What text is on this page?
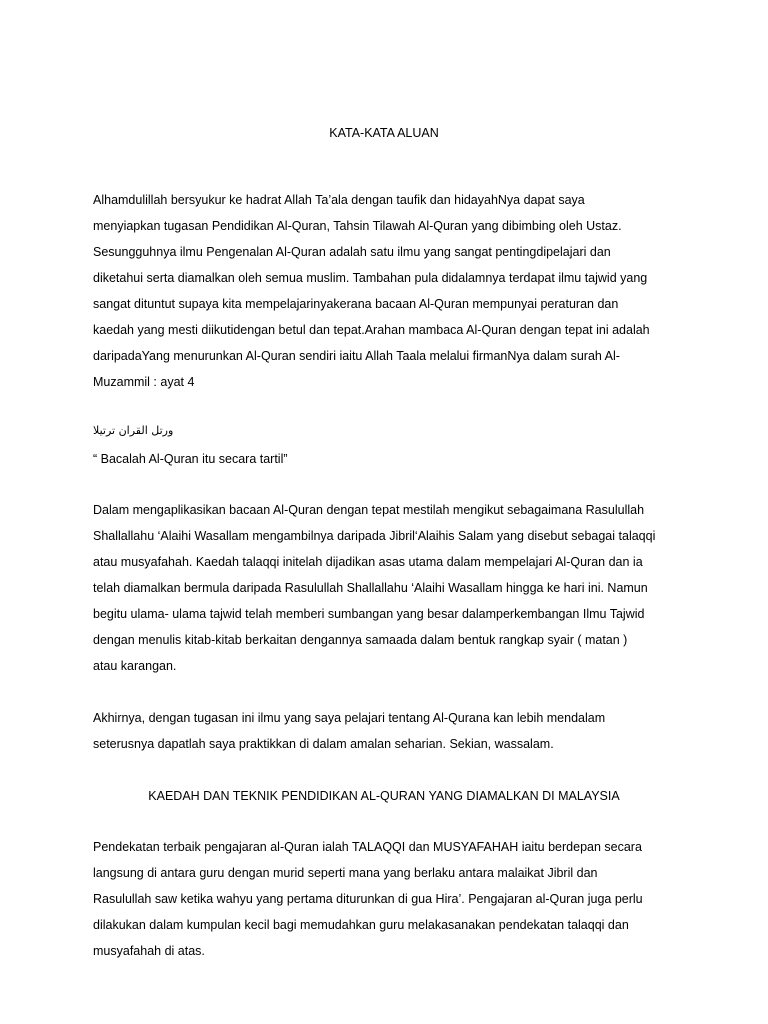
KATA-KATA ALUAN
Alhamdulillah bersyukur ke hadrat Allah Ta’ala dengan taufik dan hidayahNya dapat saya
menyiapkan tugasan Pendidikan Al-Quran, Tahsin Tilawah Al-Quran yang dibimbing oleh Ustaz.
Sesungguhnya ilmu Pengenalan Al-Quran adalah satu ilmu yang sangat pentingdipelajari dan
diketahui serta diamalkan oleh semua muslim. Tambahan pula didalamnya terdapat ilmu tajwid yang
sangat dituntut supaya kita mempelajarinyakerana bacaan Al-Quran mempunyai peraturan dan
kaedah yang mesti diikutidengan betul dan tepat.Arahan mambaca Al-Quran dengan tepat ini adalah
daripadaYang menurunkan Al-Quran sendiri iaitu Allah Taala melalui firmanNya dalam surah Al-
Muzammil : ayat 4
ورتل القران ترتيلا
“ Bacalah Al-Quran itu secara tartil”
Dalam mengaplikasikan bacaan Al-Quran dengan tepat mestilah mengikut sebagaimana Rasulullah
Shallallahu ‘Alaihi Wasallam mengambilnya daripada Jibril‘Alaihis Salam yang disebut sebagai talaqqi
atau musyafahah. Kaedah talaqqi initelah dijadikan asas utama dalam mempelajari Al-Quran dan ia
telah diamalkan bermula daripada Rasulullah Shallallahu ‘Alaihi Wasallam hingga ke hari ini. Namun
begitu ulama- ulama tajwid telah memberi sumbangan yang besar dalamperkembangan Ilmu Tajwid
dengan menulis kitab-kitab berkaitan dengannya samaada dalam bentuk rangkap syair ( matan )
atau karangan.
Akhirnya, dengan tugasan ini ilmu yang saya pelajari tentang Al-Qurana kan lebih mendalam
seterusnya dapatlah saya praktikkan di dalam amalan seharian. Sekian, wassalam.
KAEDAH DAN TEKNIK PENDIDIKAN AL-QURAN YANG DIAMALKAN DI MALAYSIA
Pendekatan terbaik pengajaran al-Quran ialah TALAQQI dan MUSYAFAHAH iaitu berdepan secara
langsung di antara guru dengan murid seperti mana yang berlaku antara malaikat Jibril dan
Rasulullah saw ketika wahyu yang pertama diturunkan di gua Hira’. Pengajaran al-Quran juga perlu
dilakukan dalam kumpulan kecil bagi memudahkan guru melakasanakan pendekatan talaqqi dan
musyafahah di atas.
